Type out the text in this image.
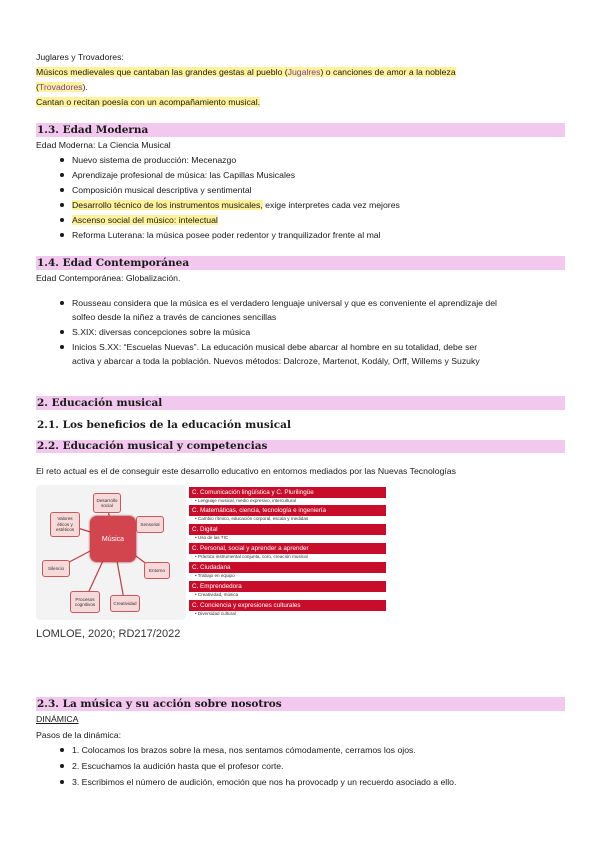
Juglares y Trovadores:
Músicos medievales que cantaban las grandes gestas al pueblo (Jugalres) o canciones de amor a la nobleza
(Trovadores).
Cantan o recitan poesía con un acompañamiento musical.
1.3. Edad Moderna
Edad Moderna: La Ciencia Musical
Nuevo sistema de producción: Mecenazgo
Aprendizaje profesional de música: las Capillas Musicales
Composición musical descriptiva y sentimental
Desarrollo técnico de los instrumentos musicales, exige interpretes cada vez mejores
Ascenso social del músico: intelectual
Reforma Luterana: la música posee poder redentor y tranquilizador frente al mal
1.4. Edad Contemporánea
Edad Contemporánea: Globalización.
Rousseau considera que la música es el verdadero lenguaje universal y que es conveniente el aprendizaje del
solfeo desde la niñez a través de canciones sencillas
S.XIX: diversas concepciones sobre la música
Inicios S.XX: “Escuelas Nuevas”. La educación musical debe abarcar al hombre en su totalidad, debe ser
activa y abarcar a toda la población. Nuevos métodos: Dalcroze, Martenot, Kodály, Orff, Willems y Suzuky
2. Educación musical
2.1. Los beneficios de la educación musical
2.2. Educación musical y competencias
El reto actual es el de conseguir este desarrollo educativo en entornos mediados por las Nuevas Tecnologías
Música
Desarrollo
social
Valores
éticos y
estéticos
Sensorial
Silencio	Entorno
Procesos
cognitivos	Creatividad
C. Comunicación lingüística y C. Plurilingüe
• Lenguaje musical, medio expresivo, intercultural
C. Matemáticas, ciencia, tecnología e ingeniería
• Cambio rítmico, educación corporal, escala y medidas
C. Digital
• Uso de las TIC
C. Personal, social y aprender a aprender
• Práctica instrumental conjunta, coro, creación musical
C. Ciudadana
• Trabajo en equipo
C. Emprendedora
• Creatividad, música
C. Conciencia y expresiones culturales
• Diversidad cultural
LOMLOE, 2020; RD217/2022
2.3. La música y su acción sobre nosotros
DINÁMICA
Pasos de la dinámica:
1. Colocamos los brazos sobre la mesa, nos sentamos cómodamente, cerramos los ojos.
2. Escuchamos la audición hasta que el profesor corte.
3. Escribimos el número de audición, emoción que nos ha provocadp y un recuerdo asociado a ello.
